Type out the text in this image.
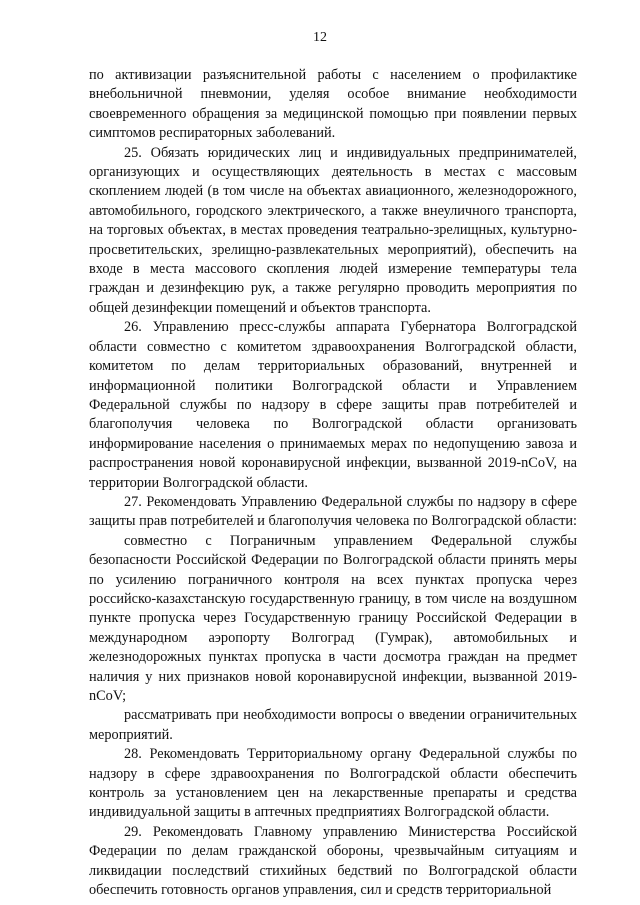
12

по активизации разъяснительной работы с населением о профилактике внебольничной пневмонии, уделяя особое внимание необходимости своевременного обращения за медицинской помощью при появлении первых симптомов респираторных заболеваний.

25. Обязать юридических лиц и индивидуальных предпринимателей, организующих и осуществляющих деятельность в местах с массовым скоплением людей (в том числе на объектах авиационного, железнодорожного, автомобильного, городского электрического, а также внеуличного транспорта, на торговых объектах, в местах проведения театрально-зрелищных, культурно-просветительских, зрелищно-развлекательных мероприятий), обеспечить на входе в места массового скопления людей измерение температуры тела граждан и дезинфекцию рук, а также регулярно проводить мероприятия по общей дезинфекции помещений и объектов транспорта.

26. Управлению пресс-службы аппарата Губернатора Волгоградской области совместно с комитетом здравоохранения Волгоградской области, комитетом по делам территориальных образований, внутренней и информационной политики Волгоградской области и Управлением Федеральной службы по надзору в сфере защиты прав потребителей и благополучия человека по Волгоградской области организовать информирование населения о принимаемых мерах по недопущению завоза и распространения новой коронавирусной инфекции, вызванной 2019-nCoV, на территории Волгоградской области.

27. Рекомендовать Управлению Федеральной службы по надзору в сфере защиты прав потребителей и благополучия человека по Волгоградской области:

совместно с Пограничным управлением Федеральной службы безопасности Российской Федерации по Волгоградской области принять меры по усилению пограничного контроля на всех пунктах пропуска через российско-казахстанскую государственную границу, в том числе на воздушном пункте пропуска через Государственную границу Российской Федерации в международном аэропорту Волгоград (Гумрак), автомобильных и железнодорожных пунктах пропуска в части досмотра граждан на предмет наличия у них признаков новой коронавирусной инфекции, вызванной 2019-nCoV;

рассматривать при необходимости вопросы о введении ограничительных мероприятий.

28. Рекомендовать Территориальному органу Федеральной службы по надзору в сфере здравоохранения по Волгоградской области обеспечить контроль за установлением цен на лекарственные препараты и средства индивидуальной защиты в аптечных предприятиях Волгоградской области.

29. Рекомендовать Главному управлению Министерства Российской Федерации по делам гражданской обороны, чрезвычайным ситуациям и ликвидации последствий стихийных бедствий по Волгоградской области обеспечить готовность органов управления, сил и средств территориальной
